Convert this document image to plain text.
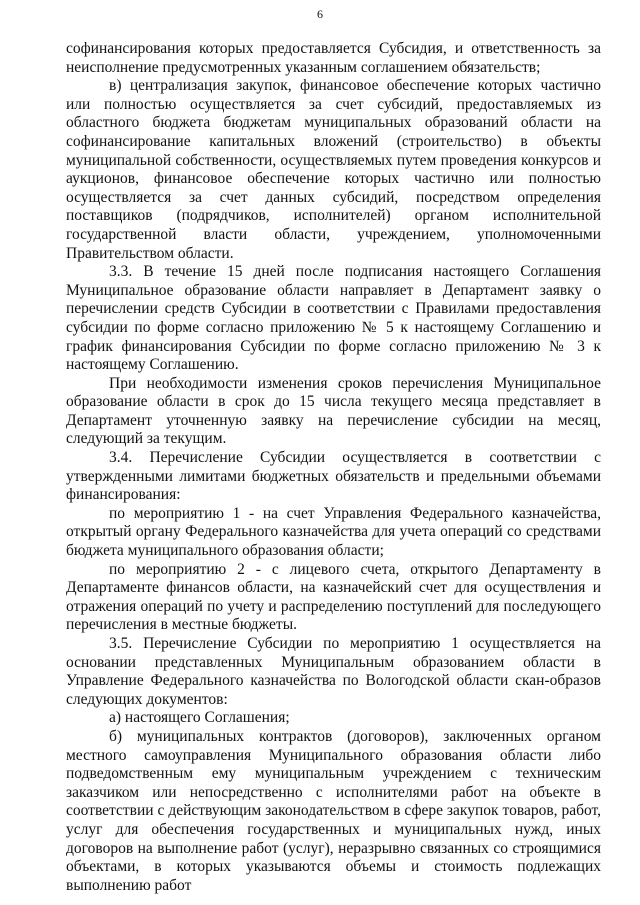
6

софинансирования которых предоставляется Субсидия, и ответственность за неисполнение предусмотренных указанным соглашением обязательств;

в) централизация закупок, финансовое обеспечение которых частично или полностью осуществляется за счет субсидий, предоставляемых из областного бюджета бюджетам муниципальных образований области на софинансирование капитальных вложений (строительство) в объекты муниципальной собственности, осуществляемых путем проведения конкурсов и аукционов, финансовое обеспечение которых частично или полностью осуществляется за счет данных субсидий, посредством определения поставщиков (подрядчиков, исполнителей) органом исполнительной государственной власти области, учреждением, уполномоченными Правительством области.

3.3. В течение 15 дней после подписания настоящего Соглашения Муниципальное образование области направляет в Департамент заявку о перечислении средств Субсидии в соответствии с Правилами предоставления субсидии по форме согласно приложению № 5 к настоящему Соглашению и график финансирования Субсидии по форме согласно приложению № 3 к настоящему Соглашению.

При необходимости изменения сроков перечисления Муниципальное образование области в срок до 15 числа текущего месяца представляет в Департамент уточненную заявку на перечисление субсидии на месяц, следующий за текущим.

3.4. Перечисление Субсидии осуществляется в соответствии с утвержденными лимитами бюджетных обязательств и предельными объемами финансирования:

по мероприятию 1 - на счет Управления Федерального казначейства, открытый органу Федерального казначейства для учета операций со средствами бюджета муниципального образования области;

по мероприятию 2 - с лицевого счета, открытого Департаменту в Департаменте финансов области, на казначейский счет для осуществления и отражения операций по учету и распределению поступлений для последующего перечисления в местные бюджеты.

3.5. Перечисление Субсидии по мероприятию 1 осуществляется на основании представленных Муниципальным образованием области в Управление Федерального казначейства по Вологодской области скан-образов следующих документов:

а) настоящего Соглашения;

б) муниципальных контрактов (договоров), заключенных органом местного самоуправления Муниципального образования области либо подведомственным ему муниципальным учреждением с техническим заказчиком или непосредственно с исполнителями работ на объекте в соответствии с действующим законодательством в сфере закупок товаров, работ, услуг для обеспечения государственных и муниципальных нужд, иных договоров на выполнение работ (услуг), неразрывно связанных со строящимися объектами, в которых указываются объемы и стоимость подлежащих выполнению работ
